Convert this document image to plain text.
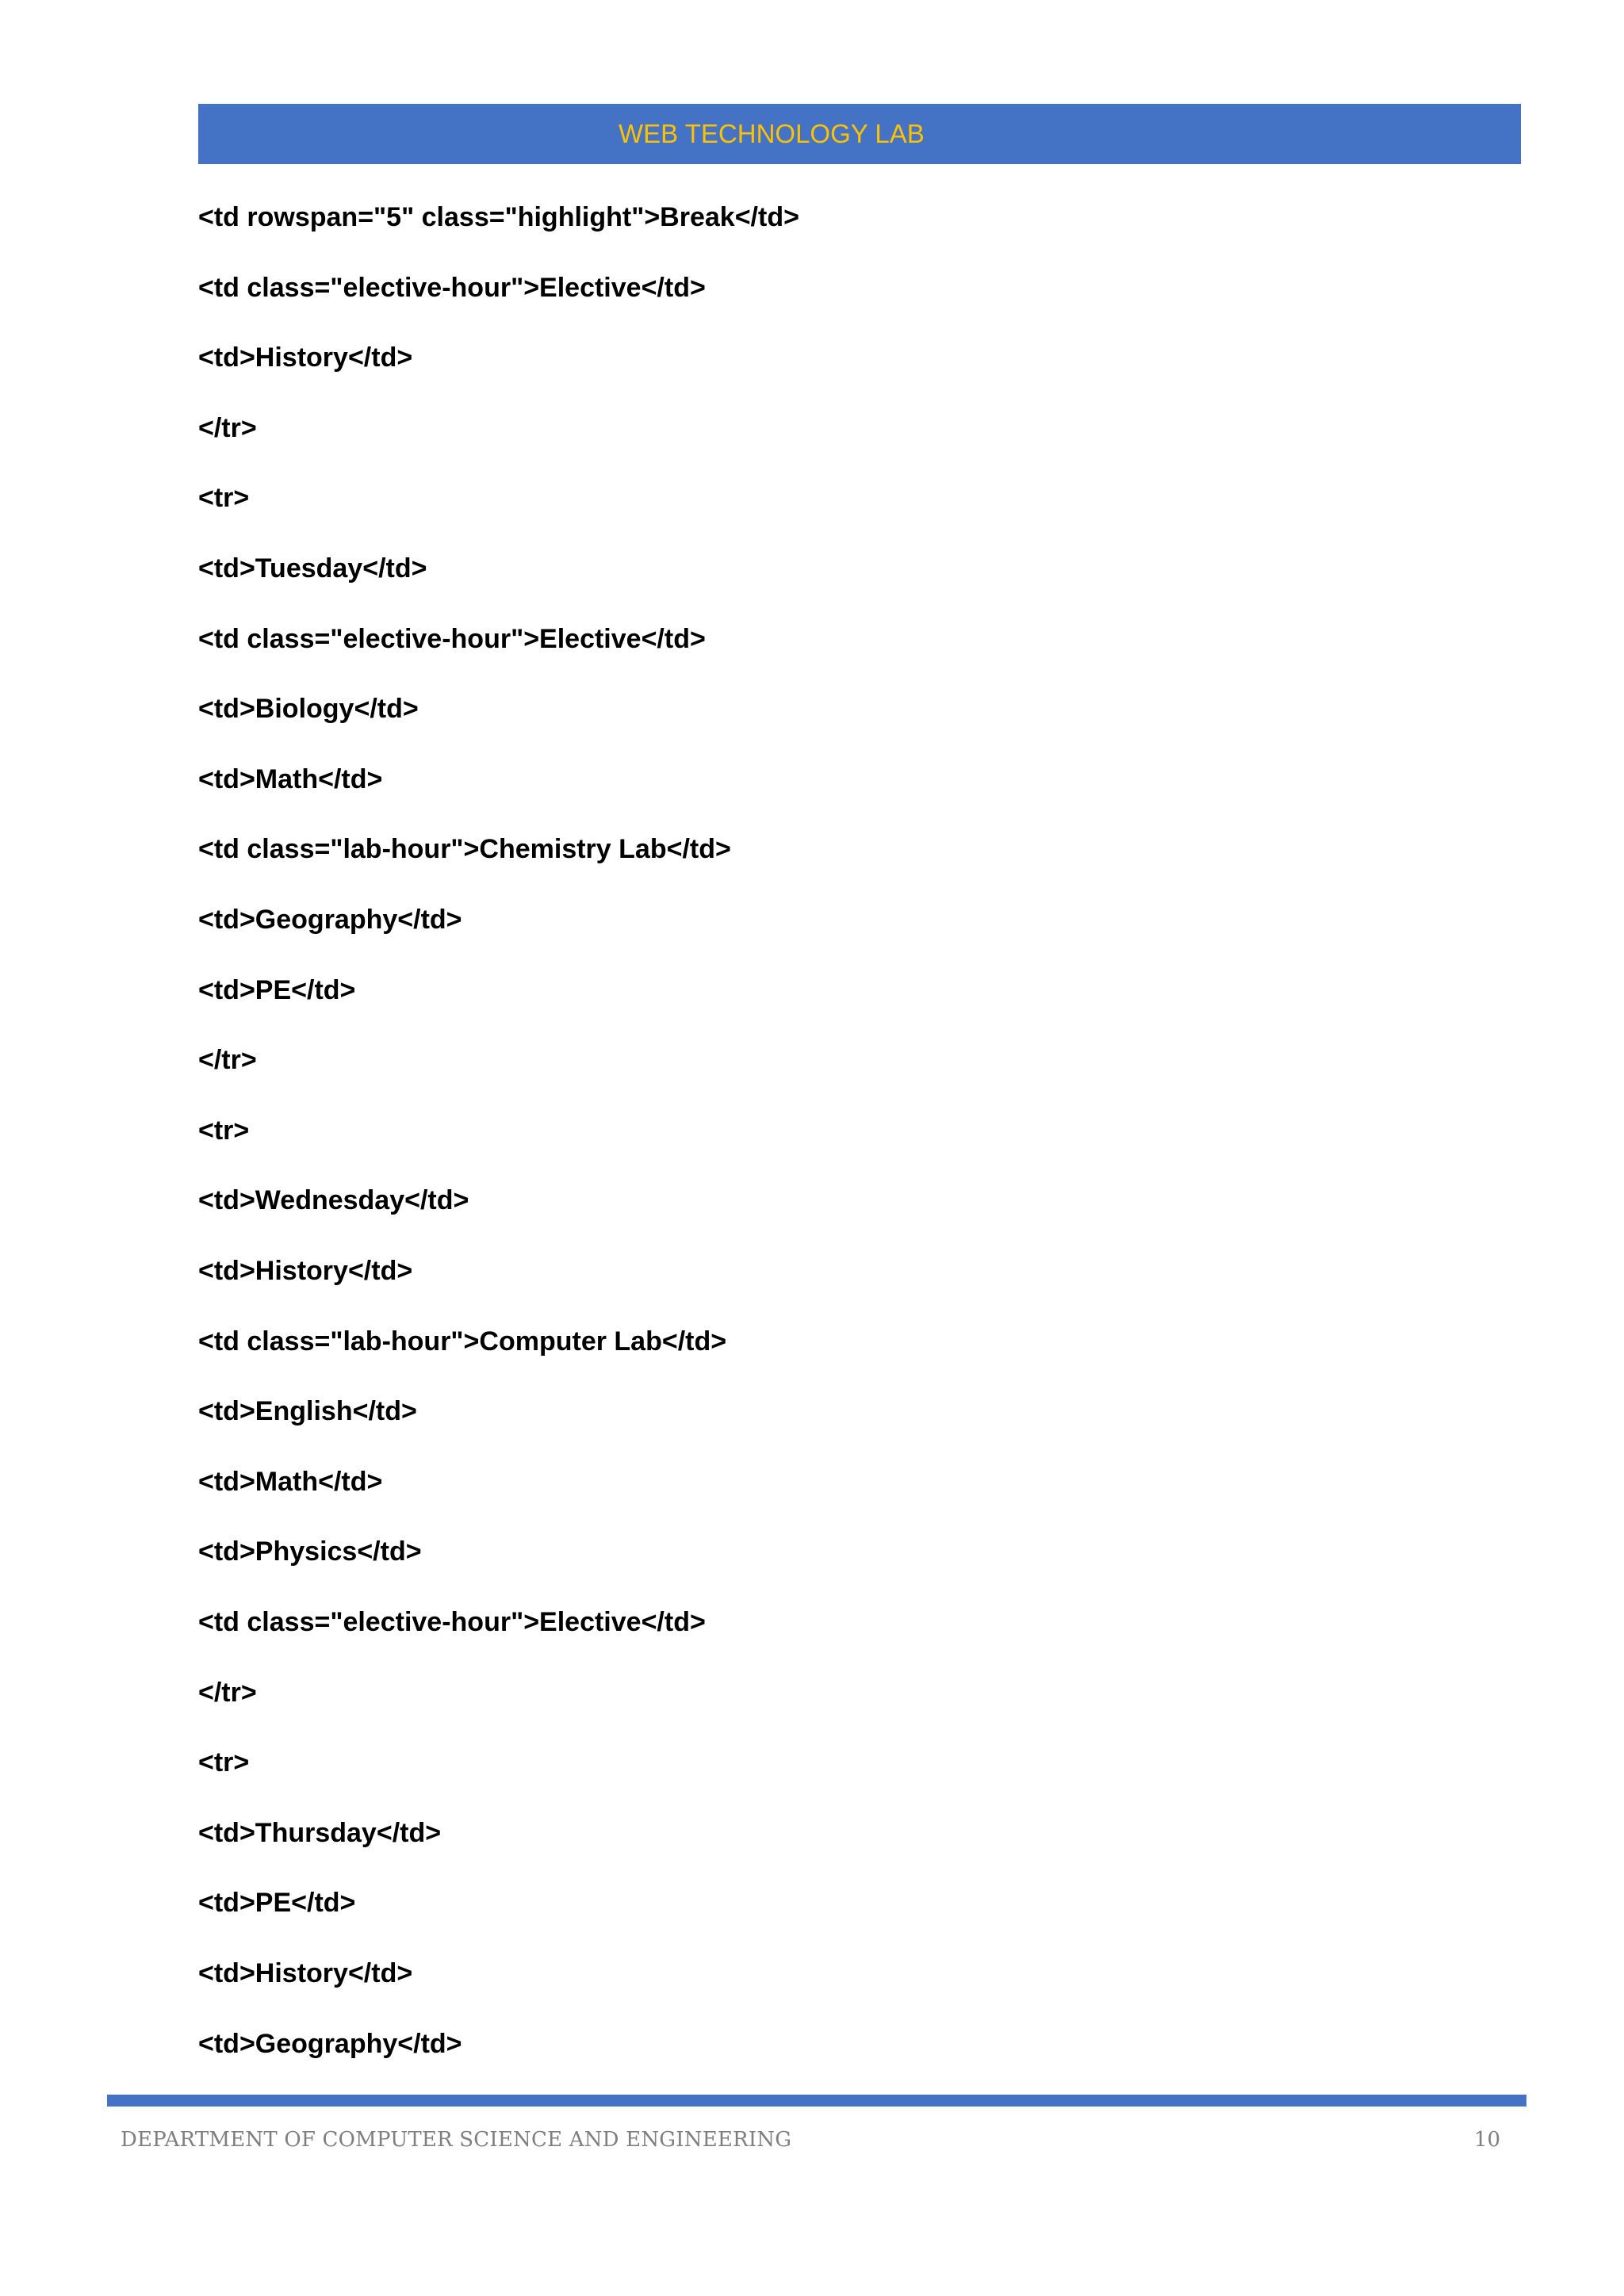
WEB TECHNOLOGY LAB
<td rowspan="5" class="highlight">Break</td>
<td class="elective-hour">Elective</td>
<td>History</td>
</tr>
<tr>
<td>Tuesday</td>
<td class="elective-hour">Elective</td>
<td>Biology</td>
<td>Math</td>
<td class="lab-hour">Chemistry Lab</td>
<td>Geography</td>
<td>PE</td>
</tr>
<tr>
<td>Wednesday</td>
<td>History</td>
<td class="lab-hour">Computer Lab</td>
<td>English</td>
<td>Math</td>
<td>Physics</td>
<td class="elective-hour">Elective</td>
</tr>
<tr>
<td>Thursday</td>
<td>PE</td>
<td>History</td>
<td>Geography</td>
DEPARTMENT OF COMPUTER SCIENCE AND ENGINEERING	10
